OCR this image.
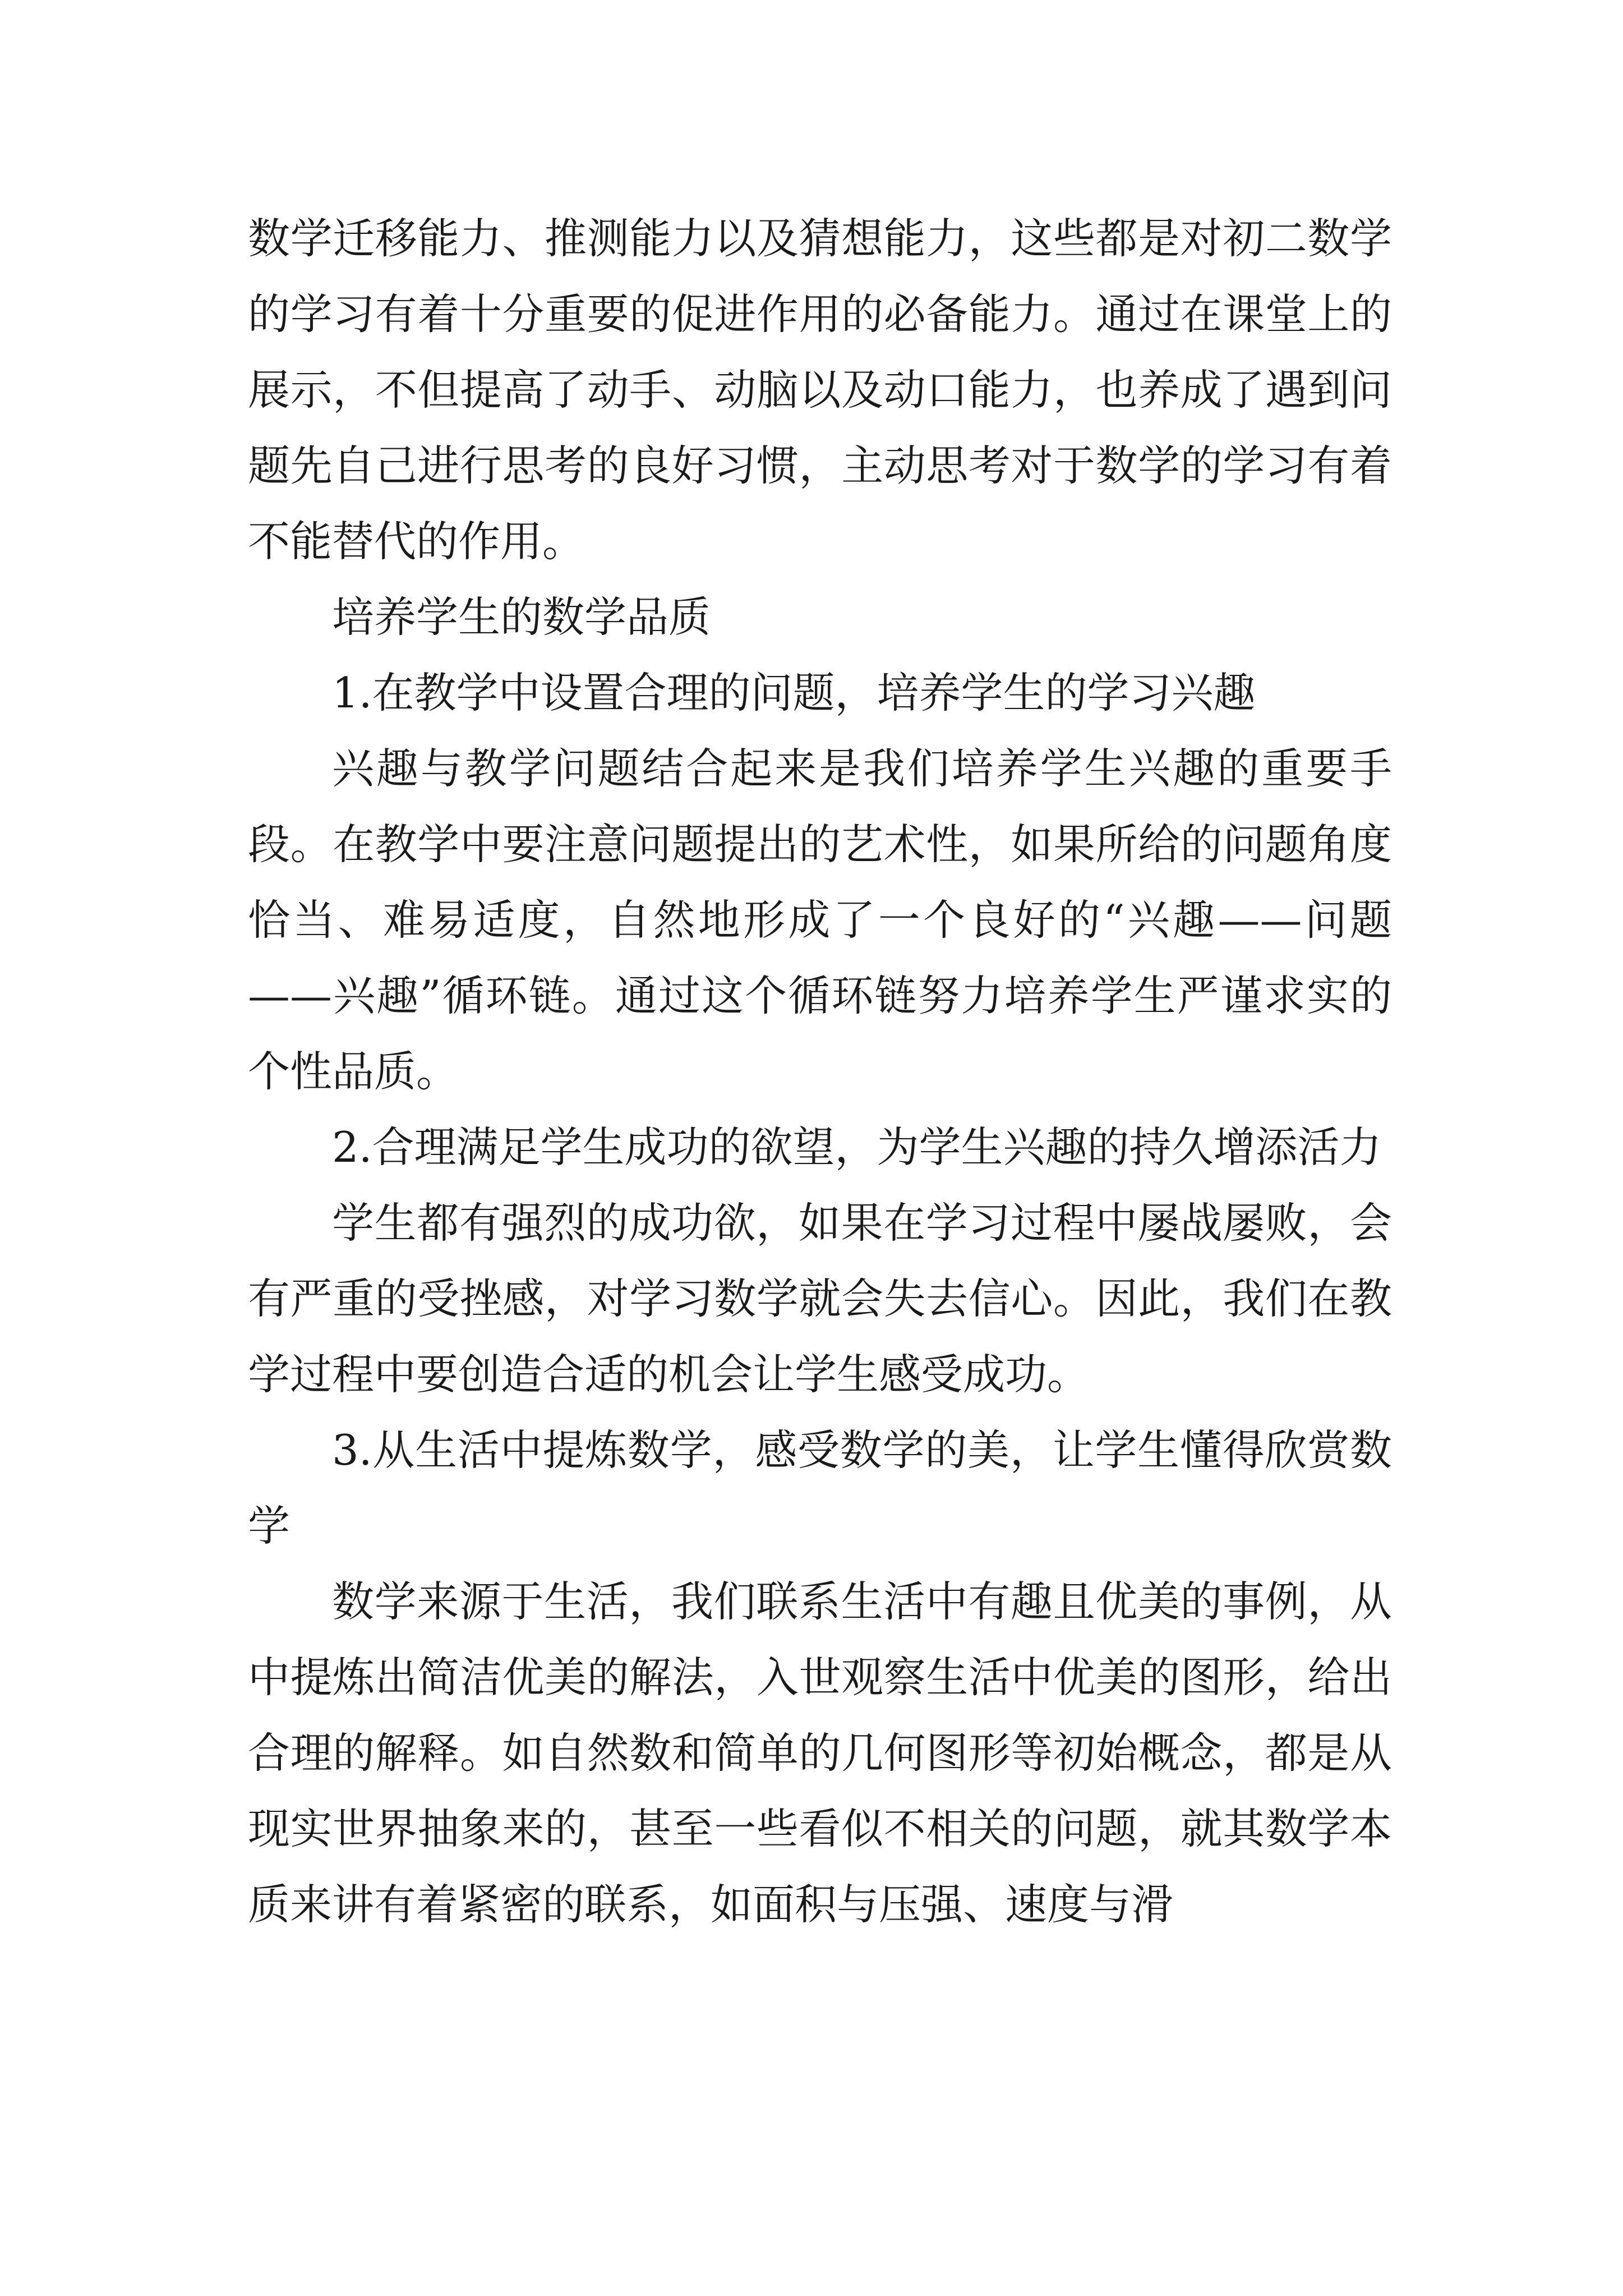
数学迁移能力、推测能力以及猜想能力，这些都是对初二数学的学习有着十分重要的促进作用的必备能力。通过在课堂上的展示，不但提高了动手、动脑以及动口能力，也养成了遇到问题先自己进行思考的良好习惯，主动思考对于数学的学习有着不能替代的作用。

培养学生的数学品质

1.在教学中设置合理的问题，培养学生的学习兴趣

兴趣与教学问题结合起来是我们培养学生兴趣的重要手段。在教学中要注意问题提出的艺术性，如果所给的问题角度恰当、难易适度，自然地形成了一个良好的“兴趣——问题——兴趣”循环链。通过这个循环链努力培养学生严谨求实的个性品质。

2.合理满足学生成功的欲望，为学生兴趣的持久增添活力

学生都有强烈的成功欲，如果在学习过程中屡战屡败，会有严重的受挫感，对学习数学就会失去信心。因此，我们在教学过程中要创造合适的机会让学生感受成功。

3.从生活中提炼数学，感受数学的美，让学生懂得欣赏数学

数学来源于生活，我们联系生活中有趣且优美的事例，从中提炼出简洁优美的解法，入世观察生活中优美的图形，给出合理的解释。如自然数和简单的几何图形等初始概念，都是从现实世界抽象来的，甚至一些看似不相关的问题，就其数学本质来讲有着紧密的联系，如面积与压强、速度与滑
